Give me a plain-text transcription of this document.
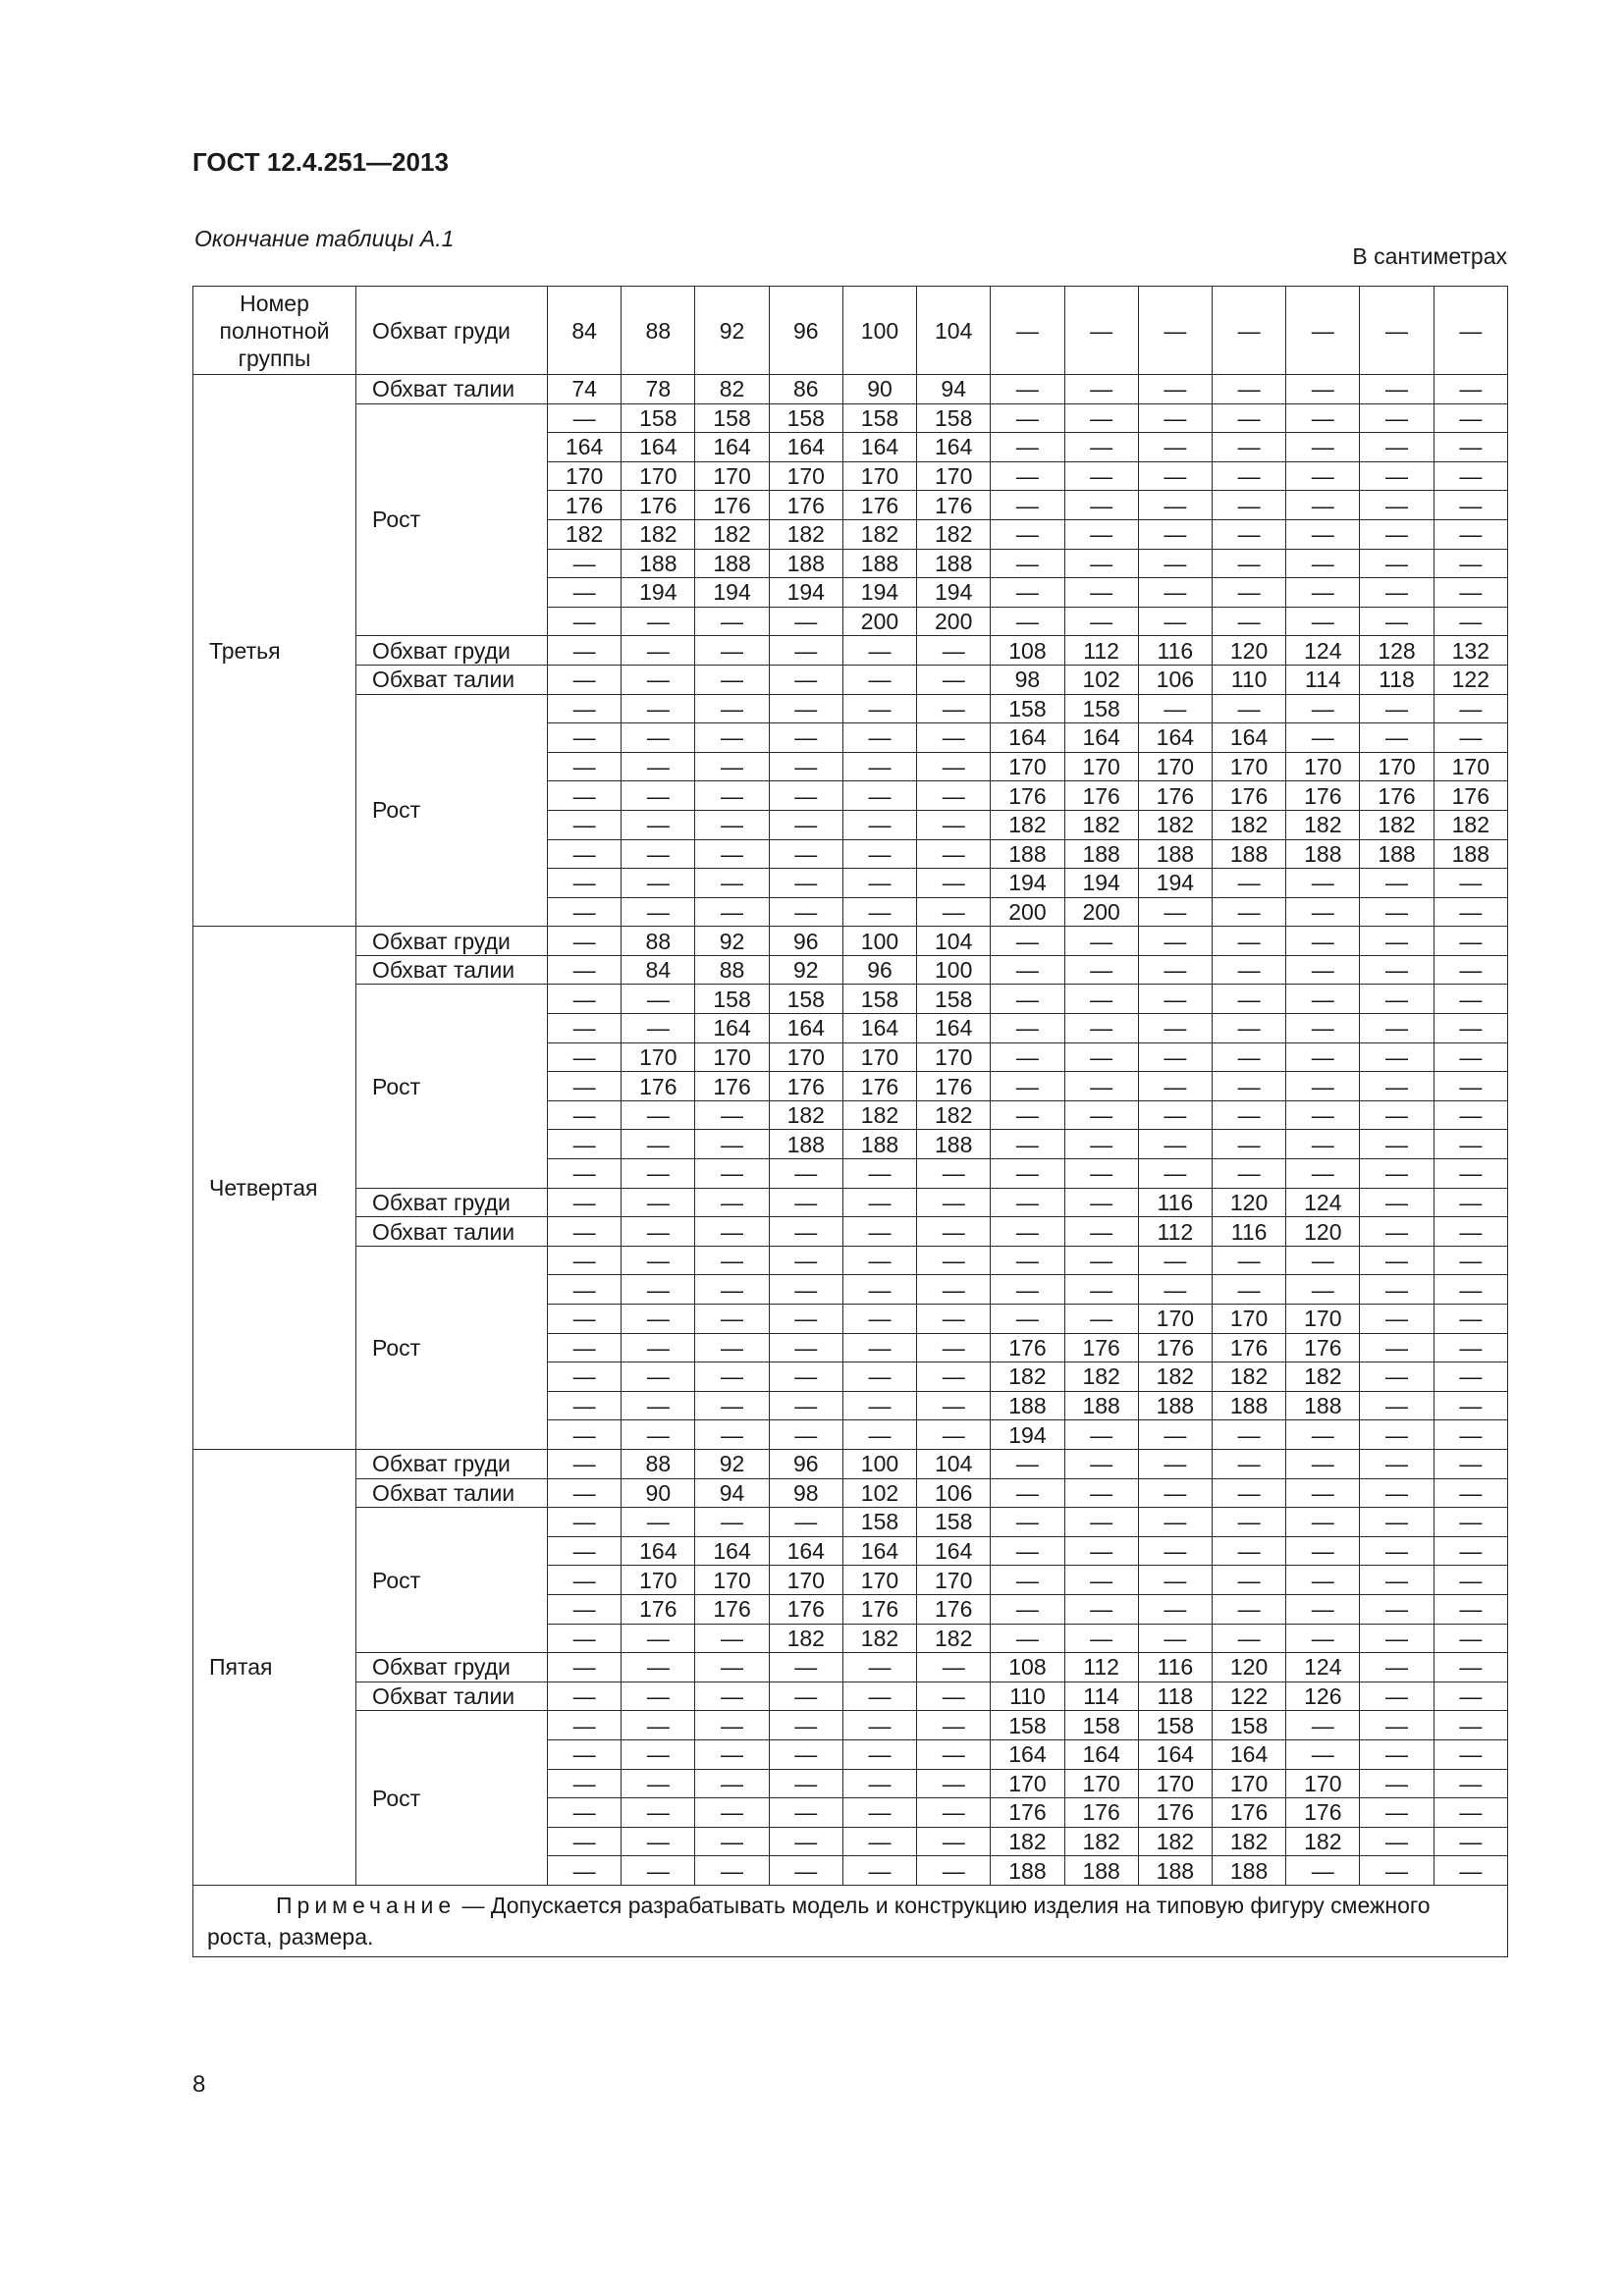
ГОСТ 12.4.251—2013
Окончание таблицы А.1
В сантиметрах
Номер полнотной группы	Обхват груди	84	88	92	96	100	104	—	—	—	—	—	—	—
Третья	Обхват талии	74	78	82	86	90	94	—	—	—	—	—	—	—
	Рост	—	158	158	158	158	158	—	—	—	—	—	—	—
		164	164	164	164	164	164	—	—	—	—	—	—	—
		170	170	170	170	170	170	—	—	—	—	—	—	—
		176	176	176	176	176	176	—	—	—	—	—	—	—
		182	182	182	182	182	182	—	—	—	—	—	—	—
		—	188	188	188	188	188	—	—	—	—	—	—	—
		—	194	194	194	194	194	—	—	—	—	—	—	—
		—	—	—	—	200	200	—	—	—	—	—	—	—
	Обхват груди	—	—	—	—	—	—	108	112	116	120	124	128	132
	Обхват талии	—	—	—	—	—	—	98	102	106	110	114	118	122
	Рост	—	—	—	—	—	—	158	158	—	—	—	—	—
		—	—	—	—	—	—	164	164	164	164	—	—	—
		—	—	—	—	—	—	170	170	170	170	170	170	170
		—	—	—	—	—	—	176	176	176	176	176	176	176
		—	—	—	—	—	—	182	182	182	182	182	182	182
		—	—	—	—	—	—	188	188	188	188	188	188	188
		—	—	—	—	—	—	194	194	194	—	—	—	—
		—	—	—	—	—	—	200	200	—	—	—	—	—
Четвертая	Обхват груди	—	88	92	96	100	104	—	—	—	—	—	—	—
	Обхват талии	—	84	88	92	96	100	—	—	—	—	—	—	—
	Рост	—	—	158	158	158	158	—	—	—	—	—	—	—
		—	—	164	164	164	164	—	—	—	—	—	—	—
		—	170	170	170	170	170	—	—	—	—	—	—	—
		—	176	176	176	176	176	—	—	—	—	—	—	—
		—	—	—	182	182	182	—	—	—	—	—	—	—
		—	—	—	188	188	188	—	—	—	—	—	—	—
		—	—	—	—	—	—	—	—	—	—	—	—	—
	Обхват груди	—	—	—	—	—	—	—	—	116	120	124	—	—
	Обхват талии	—	—	—	—	—	—	—	—	112	116	120	—	—
	Рост	—	—	—	—	—	—	—	—	—	—	—	—	—
		—	—	—	—	—	—	—	—	—	—	—	—	—
		—	—	—	—	—	—	—	—	170	170	170	—	—
		—	—	—	—	—	—	176	176	176	176	176	—	—
		—	—	—	—	—	—	182	182	182	182	182	—	—
		—	—	—	—	—	—	188	188	188	188	188	—	—
		—	—	—	—	—	—	194	—	—	—	—	—	—
Пятая	Обхват груди	—	88	92	96	100	104	—	—	—	—	—	—	—
	Обхват талии	—	90	94	98	102	106	—	—	—	—	—	—	—
	Рост	—	—	—	—	158	158	—	—	—	—	—	—	—
		—	164	164	164	164	164	—	—	—	—	—	—	—
		—	170	170	170	170	170	—	—	—	—	—	—	—
		—	176	176	176	176	176	—	—	—	—	—	—	—
		—	—	—	182	182	182	—	—	—	—	—	—	—
	Обхват груди	—	—	—	—	—	—	108	112	116	120	124	—	—
	Обхват талии	—	—	—	—	—	—	110	114	118	122	126	—	—
	Рост	—	—	—	—	—	—	158	158	158	158	—	—	—
		—	—	—	—	—	—	164	164	164	164	—	—	—
		—	—	—	—	—	—	170	170	170	170	170	—	—
		—	—	—	—	—	—	176	176	176	176	176	—	—
		—	—	—	—	—	—	182	182	182	182	182	—	—
		—	—	—	—	—	—	188	188	188	188	—	—	—
Примечание — Допускается разрабатывать модель и конструкцию изделия на типовую фигуру смежного роста, размера.														
8
